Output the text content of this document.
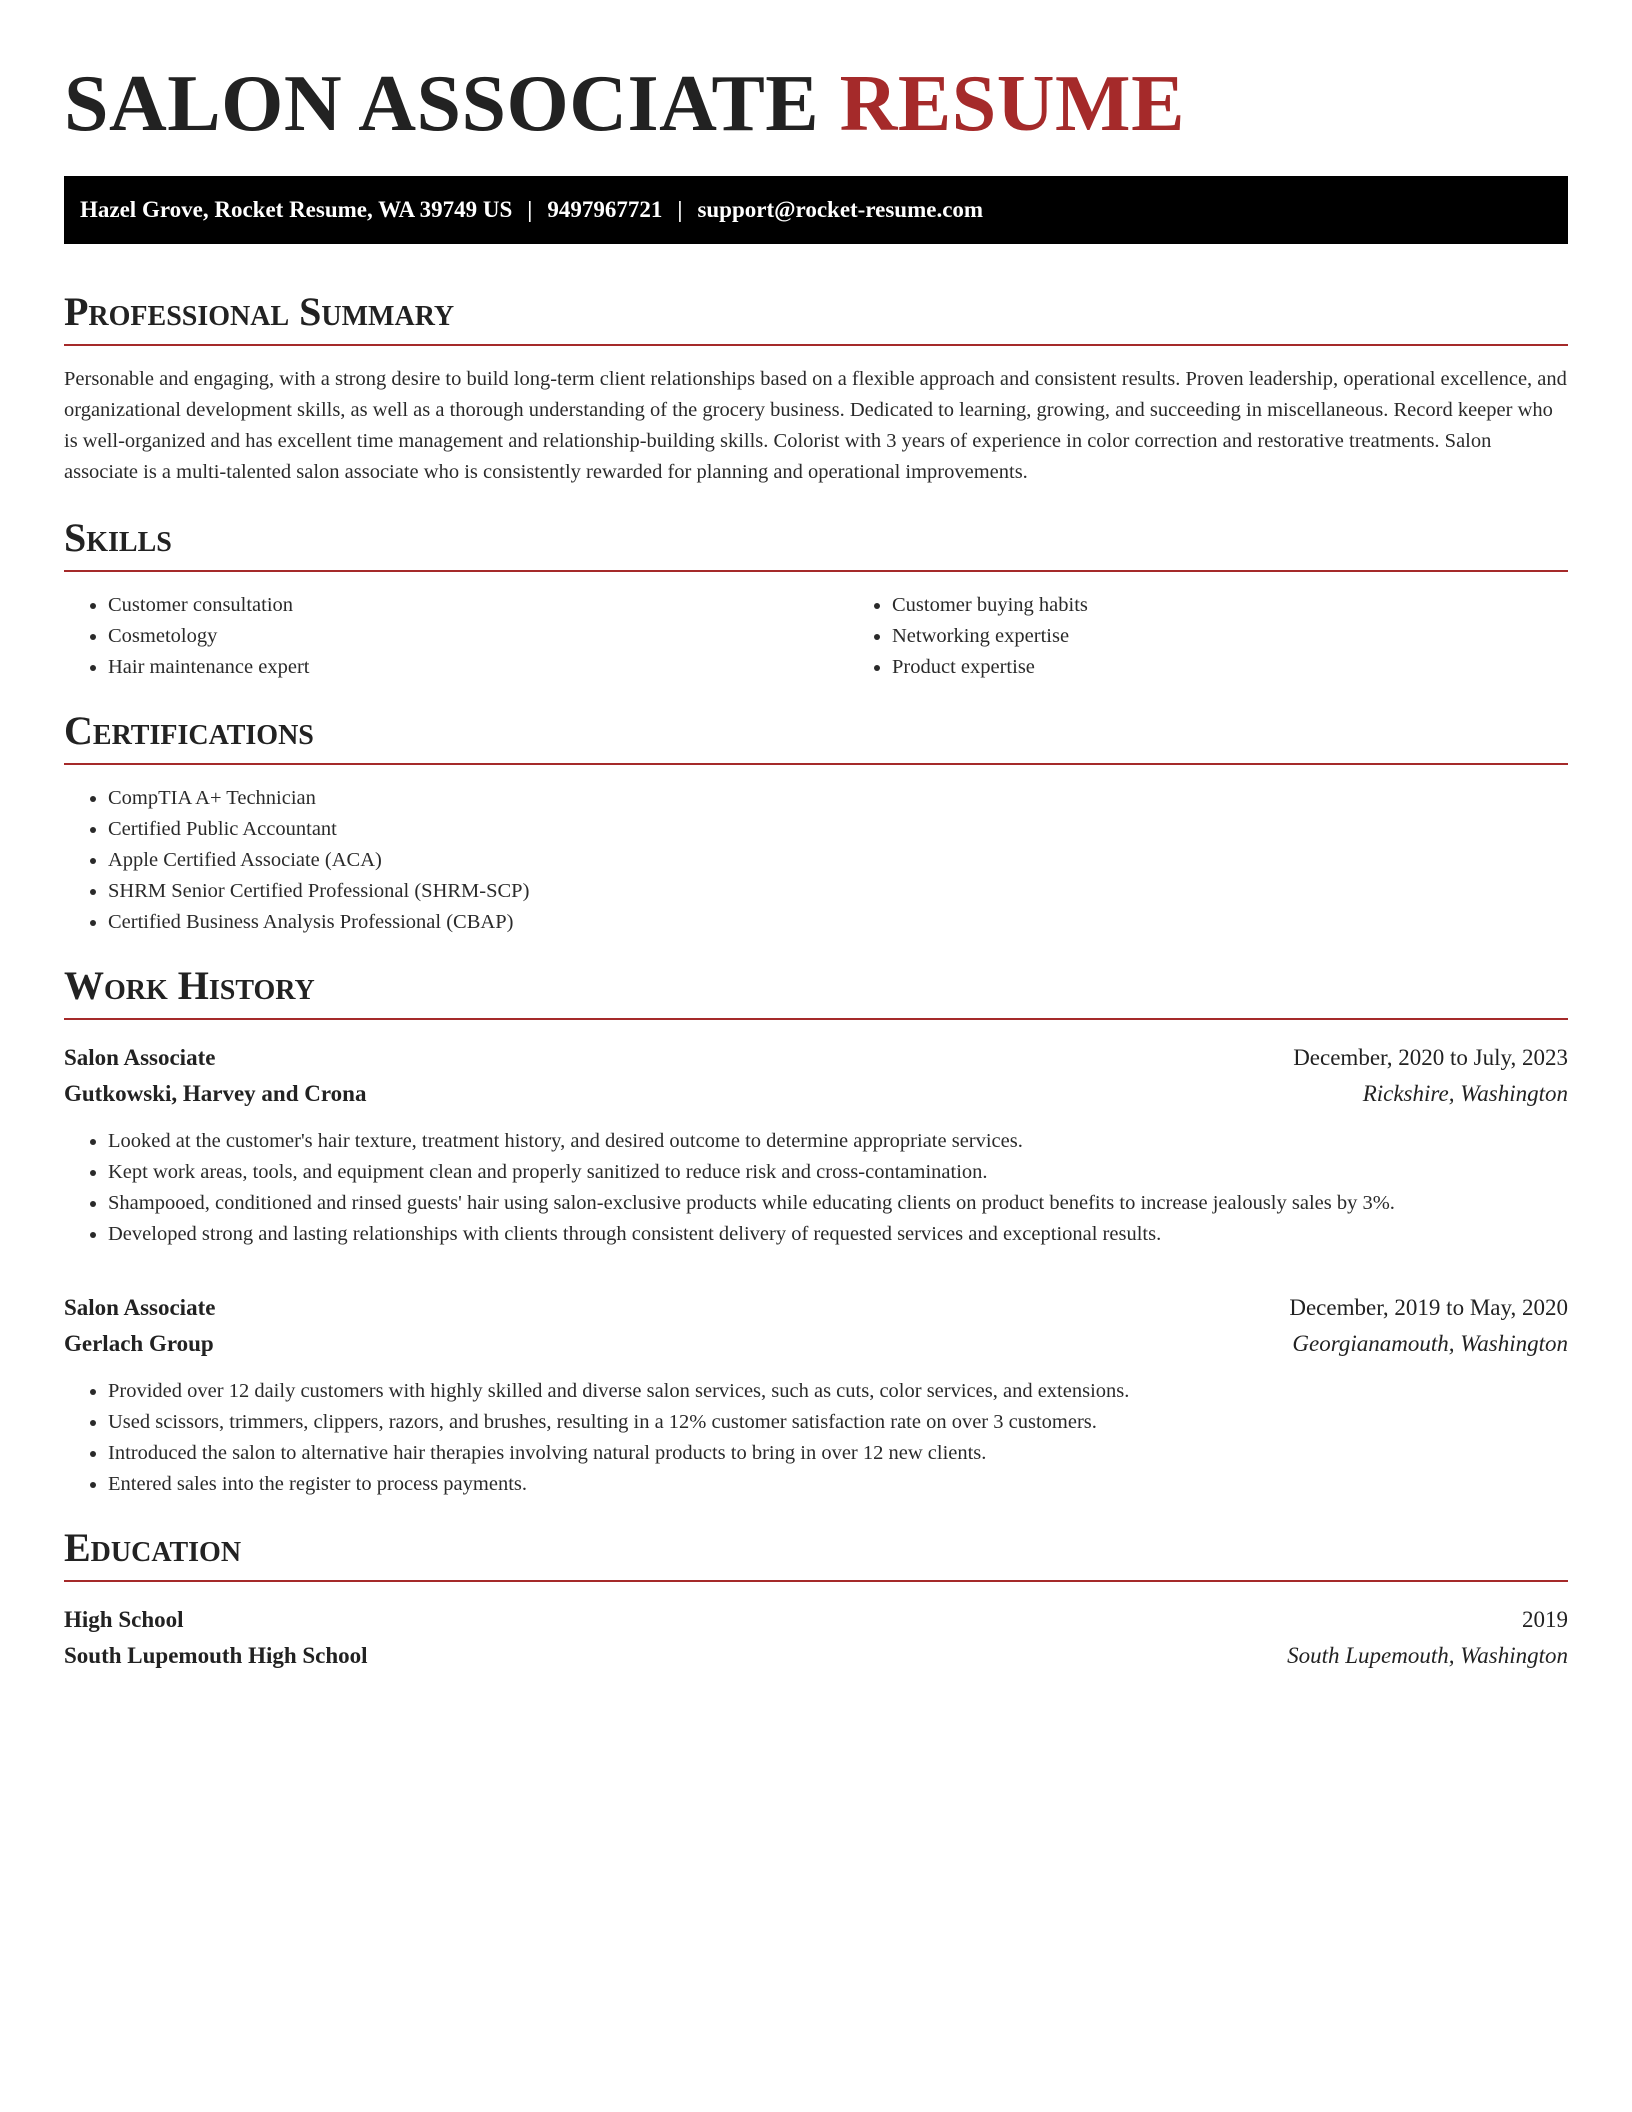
SALON ASSOCIATE RESUME
Hazel Grove, Rocket Resume, WA 39749 US | 9497967721 | support@rocket-resume.com
Professional Summary

Personable and engaging, with a strong desire to build long-term client relationships based on a flexible approach and consistent results. Proven leadership, operational excellence, and organizational development skills, as well as a thorough understanding of the grocery business. Dedicated to learning, growing, and succeeding in miscellaneous. Record keeper who is well-organized and has excellent time management and relationship-building skills. Colorist with 3 years of experience in color correction and restorative treatments. Salon associate is a multi-talented salon associate who is consistently rewarded for planning and operational improvements.

Skills
• Customer consultation
• Cosmetology
• Hair maintenance expert
• Customer buying habits
• Networking expertise
• Product expertise
Certifications
• CompTIA A+ Technician
• Certified Public Accountant
• Apple Certified Associate (ACA)
• SHRM Senior Certified Professional (SHRM-SCP)
• Certified Business Analysis Professional (CBAP)
Work History
Salon Associate	December, 2020 to July, 2023
Gutkowski, Harvey and Crona	Rickshire, Washington
• Looked at the customer's hair texture, treatment history, and desired outcome to determine appropriate services.
• Kept work areas, tools, and equipment clean and properly sanitized to reduce risk and cross-contamination.
• Shampooed, conditioned and rinsed guests' hair using salon-exclusive products while educating clients on product benefits to increase jealously sales by 3%.
• Developed strong and lasting relationships with clients through consistent delivery of requested services and exceptional results.
Salon Associate	December, 2019 to May, 2020
Gerlach Group	Georgianamouth, Washington
• Provided over 12 daily customers with highly skilled and diverse salon services, such as cuts, color services, and extensions.
• Used scissors, trimmers, clippers, razors, and brushes, resulting in a 12% customer satisfaction rate on over 3 customers.
• Introduced the salon to alternative hair therapies involving natural products to bring in over 12 new clients.
• Entered sales into the register to process payments.
Education
High School	2019
South Lupemouth High School	South Lupemouth, Washington
